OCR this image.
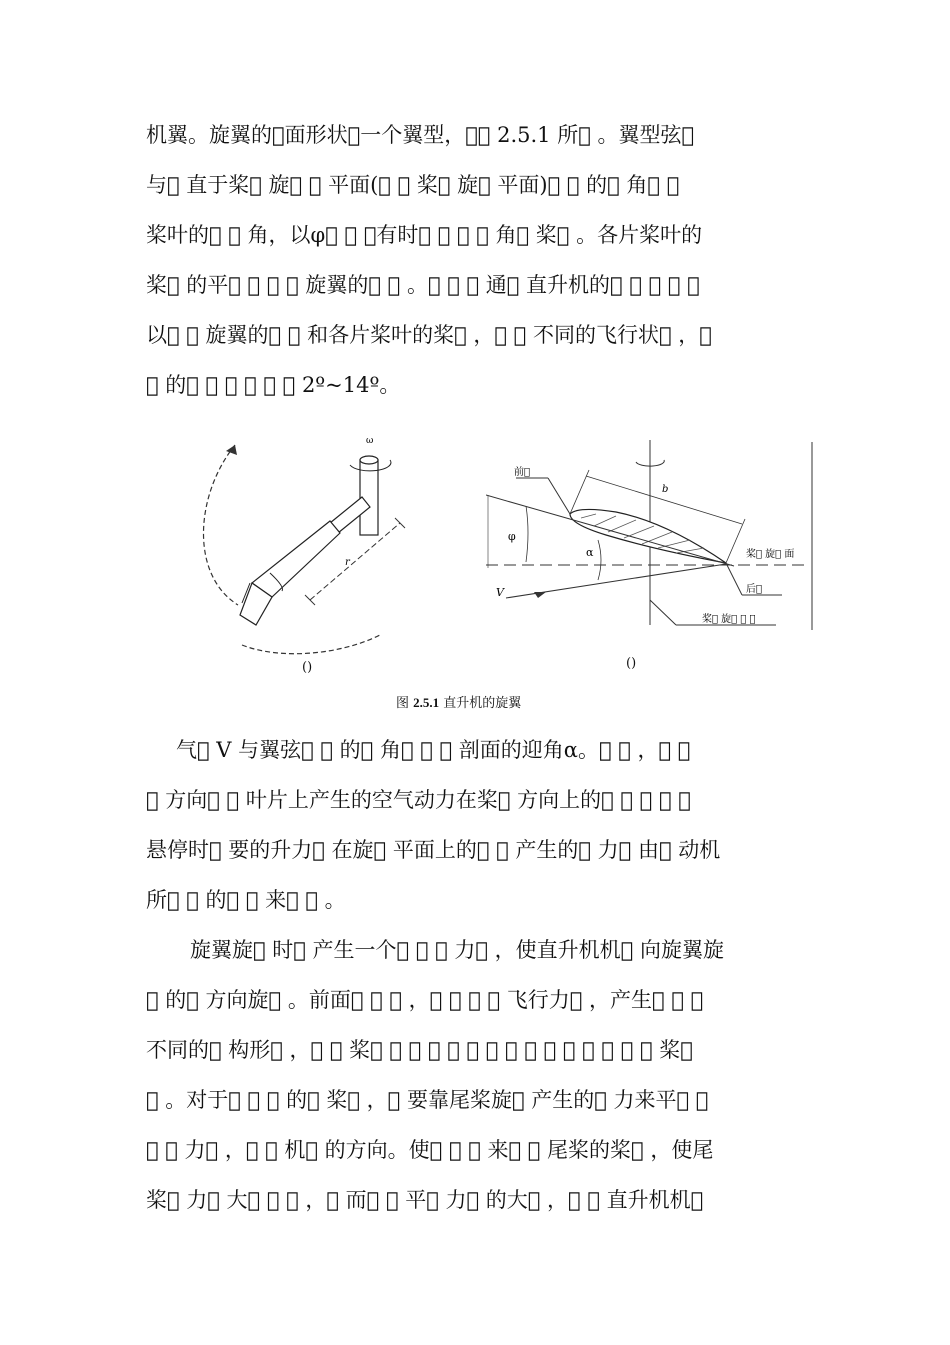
机翼。旋翼的 面形状 一个翼型，   2.5.1 所  。翼型弦 
与  直于桨  旋    平面(    桨  旋  平面)    的  角   
桨叶的    角，以φ    ，有时        角  桨  。各片桨叶的
桨  的平        旋翼的    。      通  直升机的         
以    旋翼的    和各片桨叶的桨  ，    不同的飞行状  ， 
  的            2º~14º。
ω
r
前 
b
φ
α
V
桨  旋  面
后 
桨  旋     
()	()
图 2.5.1 直升机的旋翼
气  V 与翼弦    的  角      剖面的迎角α。    ，   
  方向    叶片上产生的空气动力在桨  方向上的         
悬停时  要的升力  在旋  平面上的    产生的  力  由  动机
所    的    来    。
旋翼旋  时  产生一个      力  ，使直升机机  向旋翼旋
  的  方向旋  。前面      ，        飞行力  ，产生     
不同的  构形  ，    桨                              桨 
  。对于      的  桨  ，  要靠尾桨旋  产生的  力来平   
    力  ，    机  的方向。使      来    尾桨的桨  ，使尾
桨  力  大      ，  而    平  力  的大  ，    直升机机 
